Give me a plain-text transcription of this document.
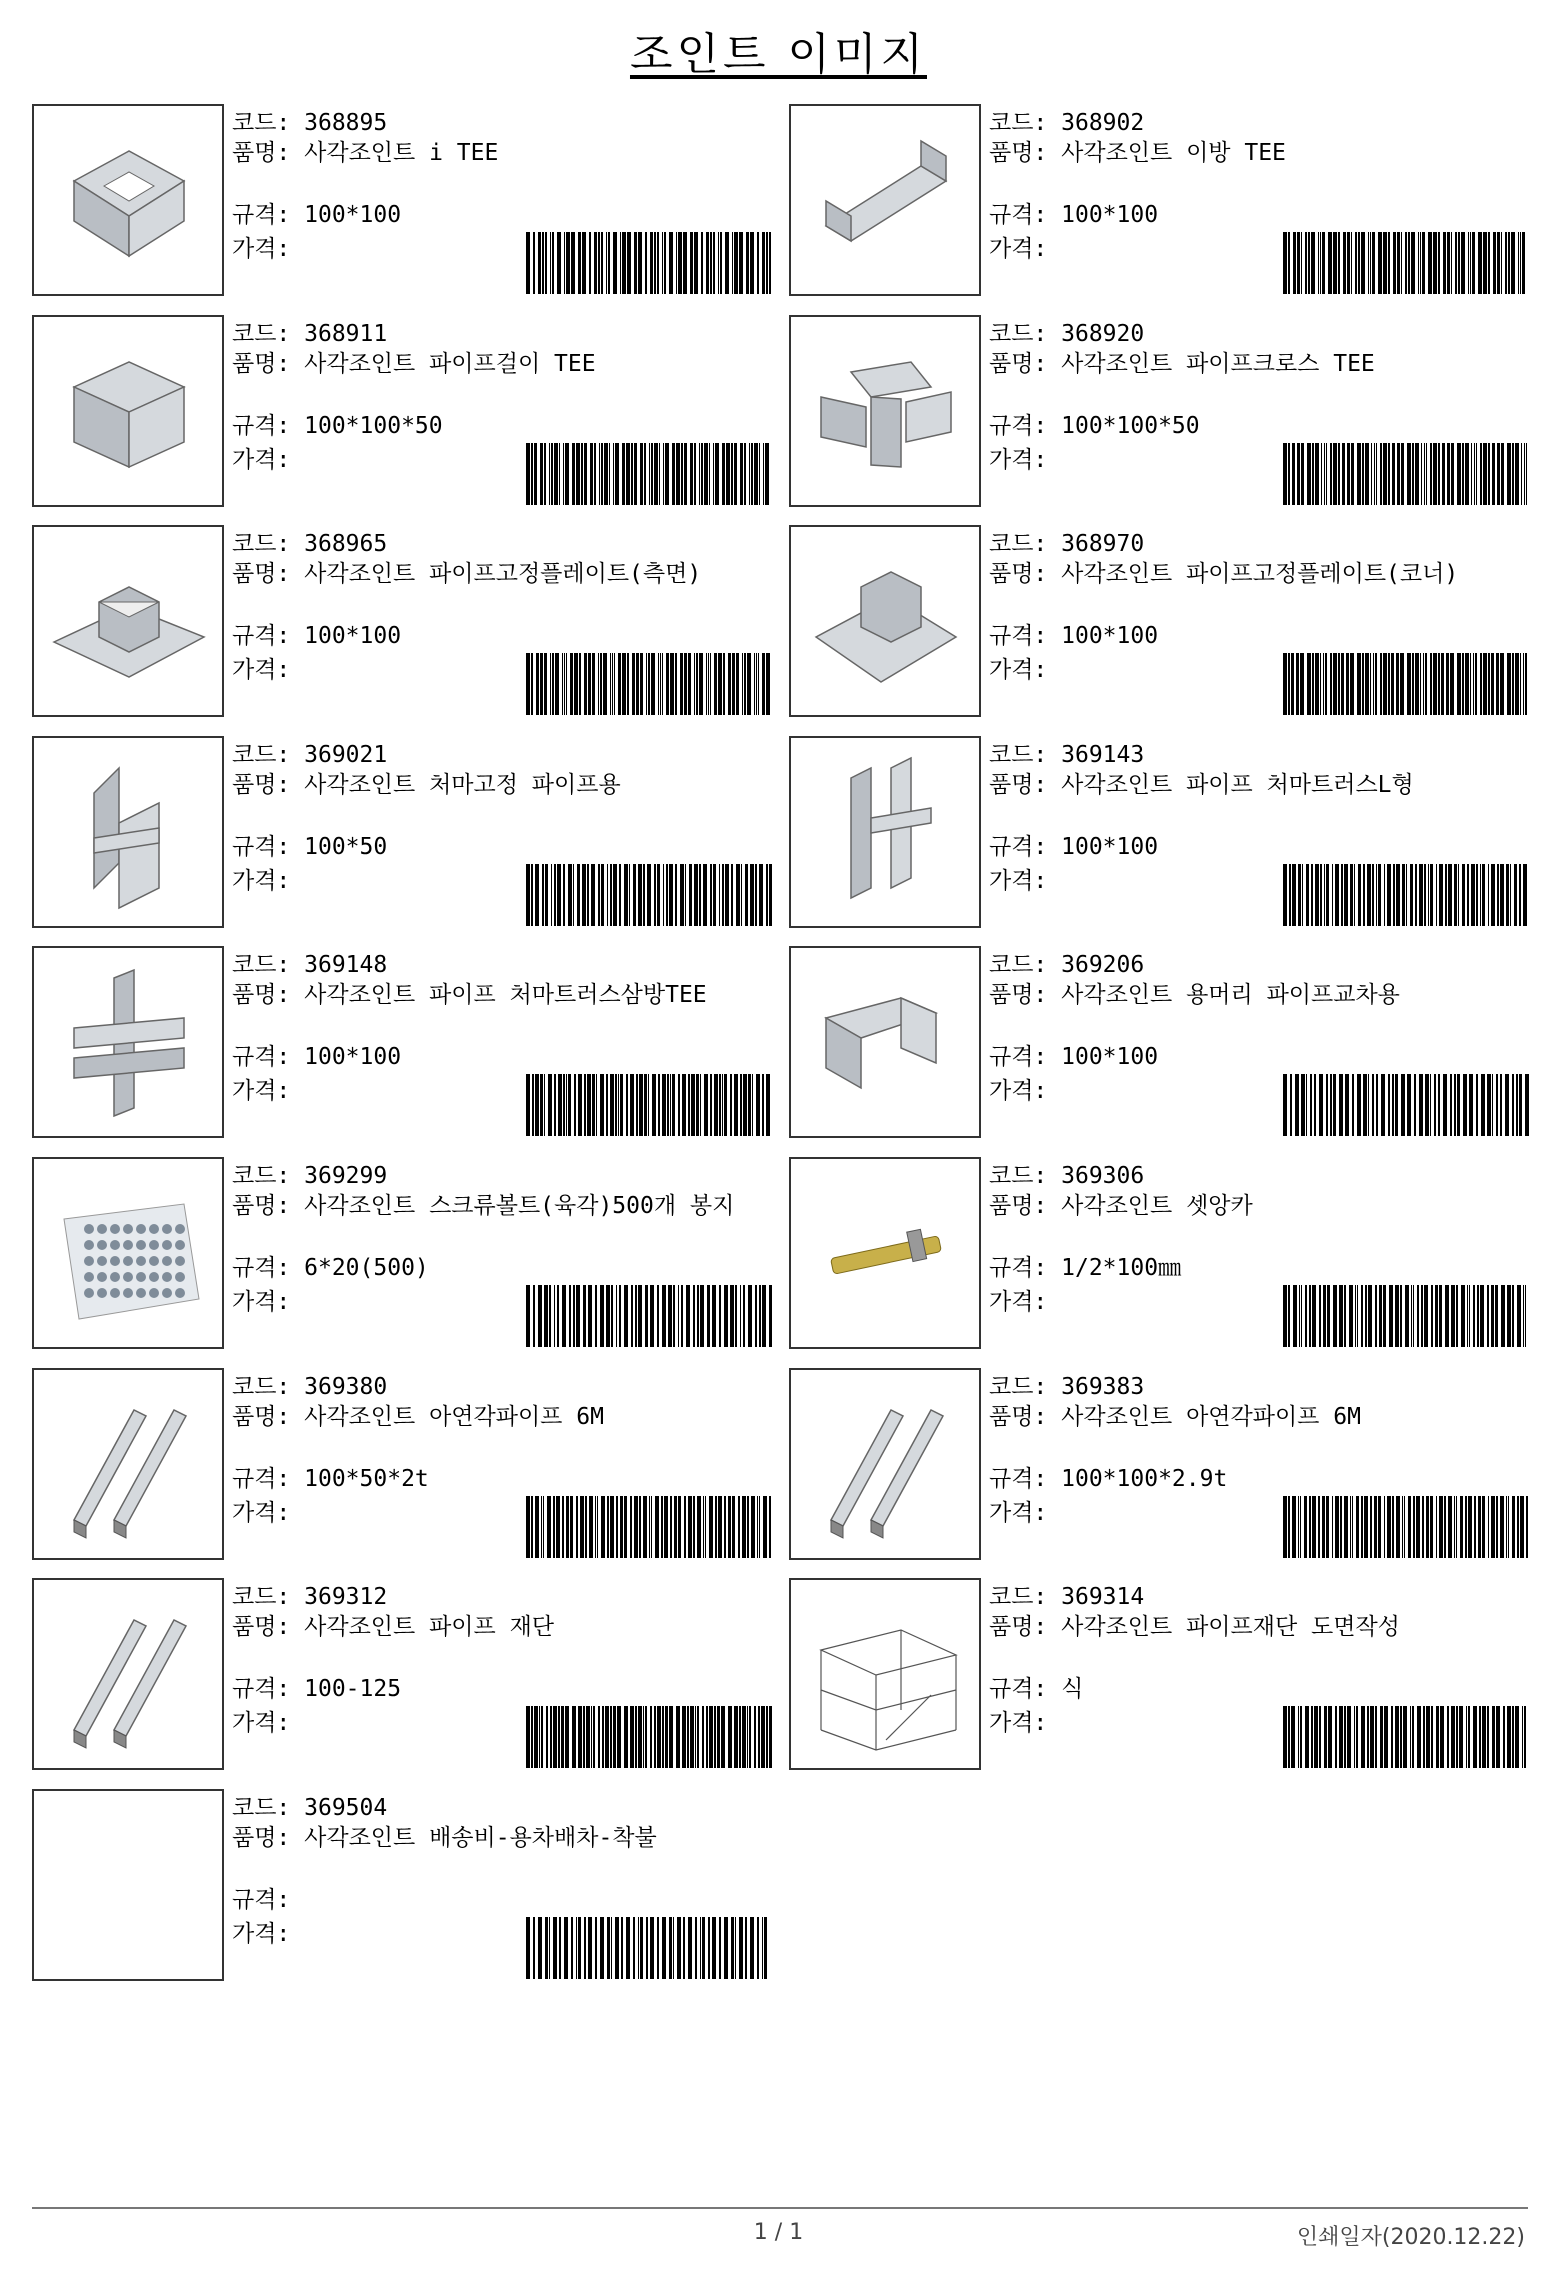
조인트 이미지
코드: 368895
품명: 사각조인트 i TEE
규격: 100*100
가격:
코드: 368902
품명: 사각조인트 이방 TEE
규격: 100*100
가격:
코드: 368911
품명: 사각조인트 파이프걸이 TEE
규격: 100*100*50
가격:
코드: 368920
품명: 사각조인트 파이프크로스 TEE
규격: 100*100*50
가격:
코드: 368965
품명: 사각조인트 파이프고정플레이트(측면)
규격: 100*100
가격:
코드: 368970
품명: 사각조인트 파이프고정플레이트(코너)
규격: 100*100
가격:
코드: 369021
품명: 사각조인트 처마고정 파이프용
규격: 100*50
가격:
코드: 369143
품명: 사각조인트 파이프 처마트러스L형
규격: 100*100
가격:
코드: 369148
품명: 사각조인트 파이프 처마트러스삼방TEE
규격: 100*100
가격:
코드: 369206
품명: 사각조인트 용머리 파이프교차용
규격: 100*100
가격:
코드: 369299
품명: 사각조인트 스크류볼트(육각)500개 봉지
규격: 6*20(500)
가격:
코드: 369306
품명: 사각조인트 셋앙카
규격: 1/2*100㎜
가격:
코드: 369380
품명: 사각조인트 아연각파이프 6M
규격: 100*50*2t
가격:
코드: 369383
품명: 사각조인트 아연각파이프 6M
규격: 100*100*2.9t
가격:
코드: 369312
품명: 사각조인트 파이프 재단
규격: 100-125
가격:
코드: 369314
품명: 사각조인트 파이프재단 도면작성
규격: 식
가격:
코드: 369504
품명: 사각조인트 배송비-용차배차-착불
규격:
가격:
1 / 1	인쇄일자(2020.12.22)
